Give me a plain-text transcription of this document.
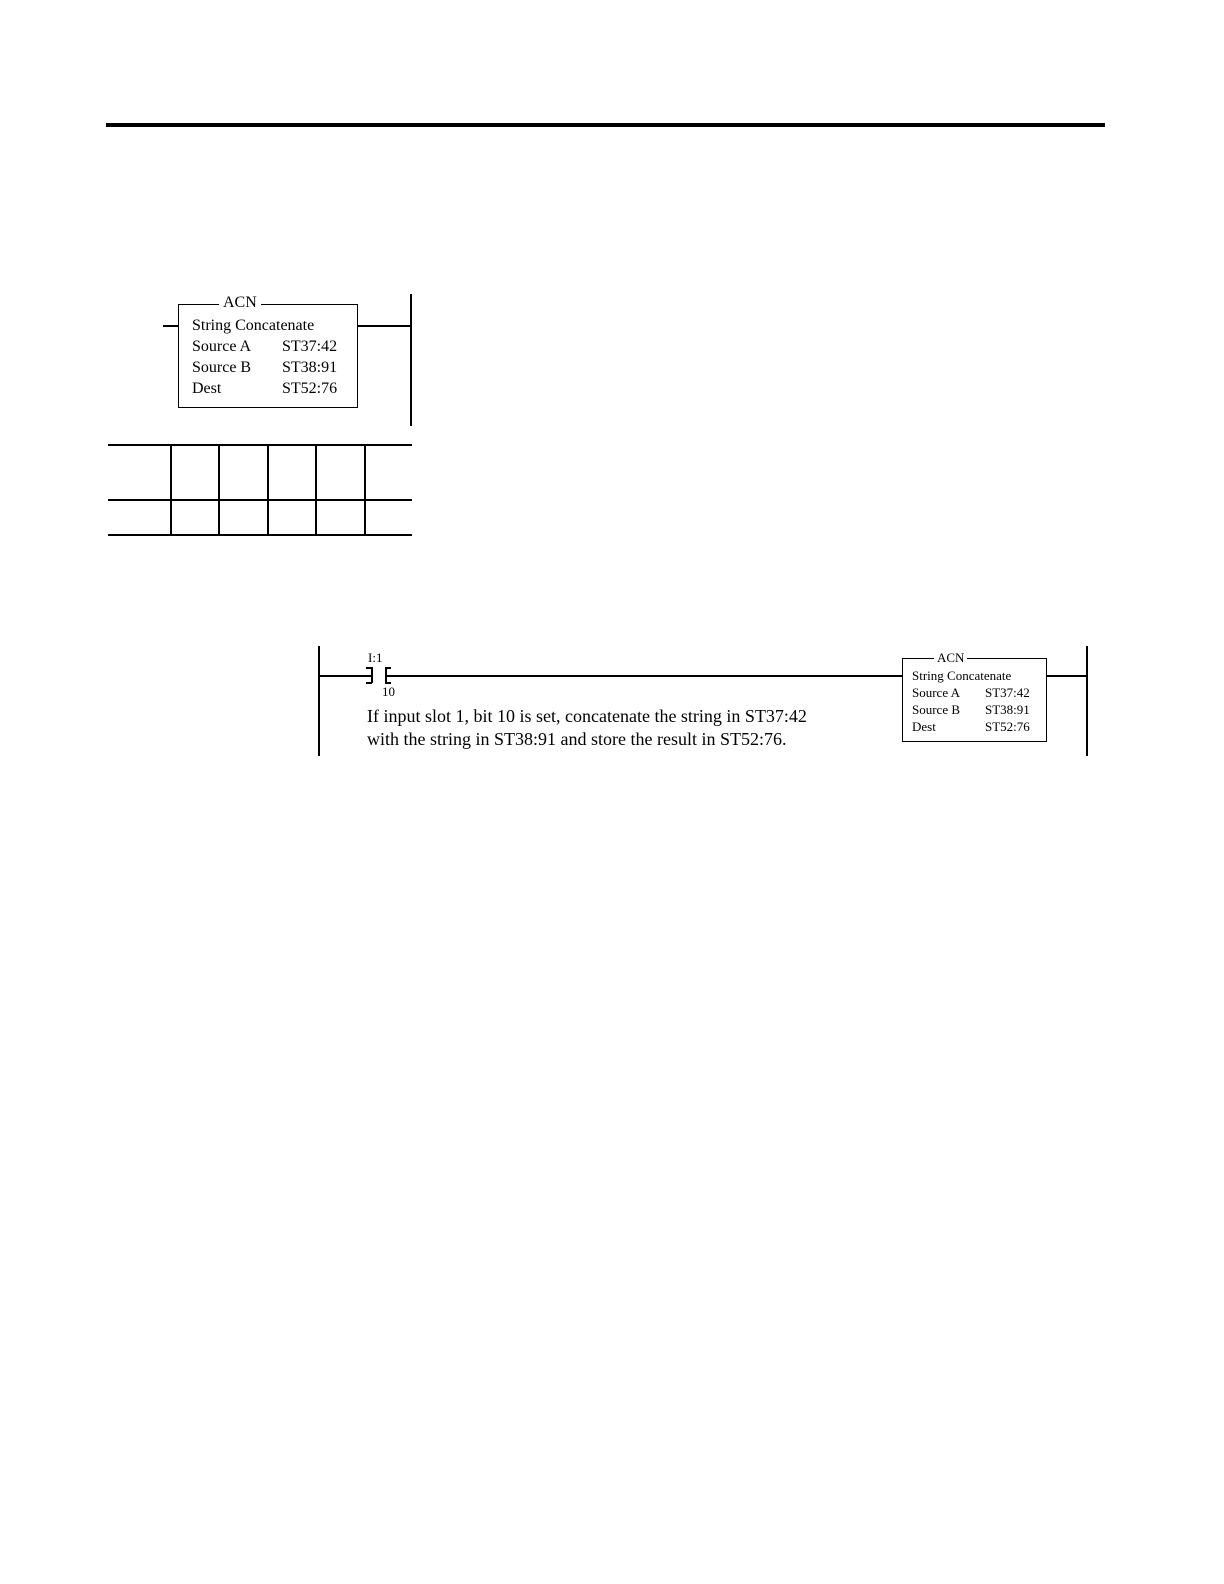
ACN
String Concatenate
Source A ST37:42
Source B ST38:91
Dest	ST52:76
I:1
10
If input slot 1, bit 10 is set, concatenate the string in ST37:42
with the string in ST38:91 and store the result in ST52:76.
ACN
String Concatenate
Source A ST37:42
Source B ST38:91
Dest	ST52:76
